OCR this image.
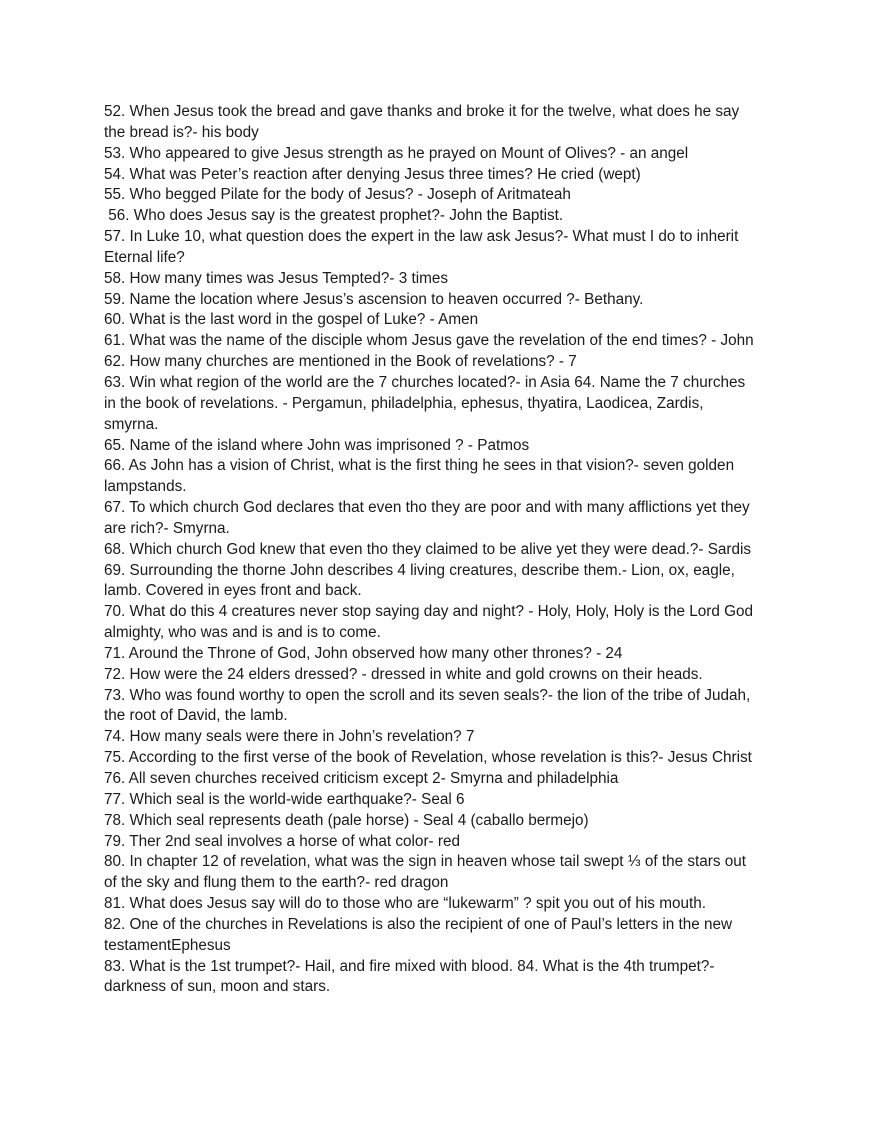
52. When Jesus took the bread and gave thanks and broke it for the twelve, what does he say
the bread is?- his body
53. Who appeared to give Jesus strength as he prayed on Mount of Olives? - an angel
54. What was Peter’s reaction after denying Jesus three times? He cried (wept)
55. Who begged Pilate for the body of Jesus? - Joseph of Aritmateah
56. Who does Jesus say is the greatest prophet?- John the Baptist.
57. In Luke 10, what question does the expert in the law ask Jesus?- What must I do to inherit
Eternal life?
58. How many times was Jesus Tempted?- 3 times
59. Name the location where Jesus’s ascension to heaven occurred ?- Bethany.
60. What is the last word in the gospel of Luke? - Amen
61. What was the name of the disciple whom Jesus gave the revelation of the end times? - John
62. How many churches are mentioned in the Book of revelations? - 7
63. Win what region of the world are the 7 churches located?- in Asia 64. Name the 7 churches
in the book of revelations. - Pergamun, philadelphia, ephesus, thyatira, Laodicea, Zardis,
smyrna.
65. Name of the island where John was imprisoned ? - Patmos
66. As John has a vision of Christ, what is the first thing he sees in that vision?- seven golden
lampstands.
67. To which church God declares that even tho they are poor and with many afflictions yet they
are rich?- Smyrna.
68. Which church God knew that even tho they claimed to be alive yet they were dead.?- Sardis
69. Surrounding the thorne John describes 4 living creatures, describe them.- Lion, ox, eagle,
lamb. Covered in eyes front and back.
70. What do this 4 creatures never stop saying day and night? - Holy, Holy, Holy is the Lord God
almighty, who was and is and is to come.
71. Around the Throne of God, John observed how many other thrones? - 24
72. How were the 24 elders dressed? - dressed in white and gold crowns on their heads.
73. Who was found worthy to open the scroll and its seven seals?- the lion of the tribe of Judah,
the root of David, the lamb.
74. How many seals were there in John’s revelation? 7
75. According to the first verse of the book of Revelation, whose revelation is this?- Jesus Christ
76. All seven churches received criticism except 2- Smyrna and philadelphia
77. Which seal is the world-wide earthquake?- Seal 6
78. Which seal represents death (pale horse) - Seal 4 (caballo bermejo)
79. Ther 2nd seal involves a horse of what color- red
80. In chapter 12 of revelation, what was the sign in heaven whose tail swept ⅓ of the stars out
of the sky and flung them to the earth?- red dragon
81. What does Jesus say will do to those who are “lukewarm” ? spit you out of his mouth.
82. One of the churches in Revelations is also the recipient of one of Paul’s letters in the new
testamentEphesus
83. What is the 1st trumpet?- Hail, and fire mixed with blood. 84. What is the 4th trumpet?-
darkness of sun, moon and stars.
